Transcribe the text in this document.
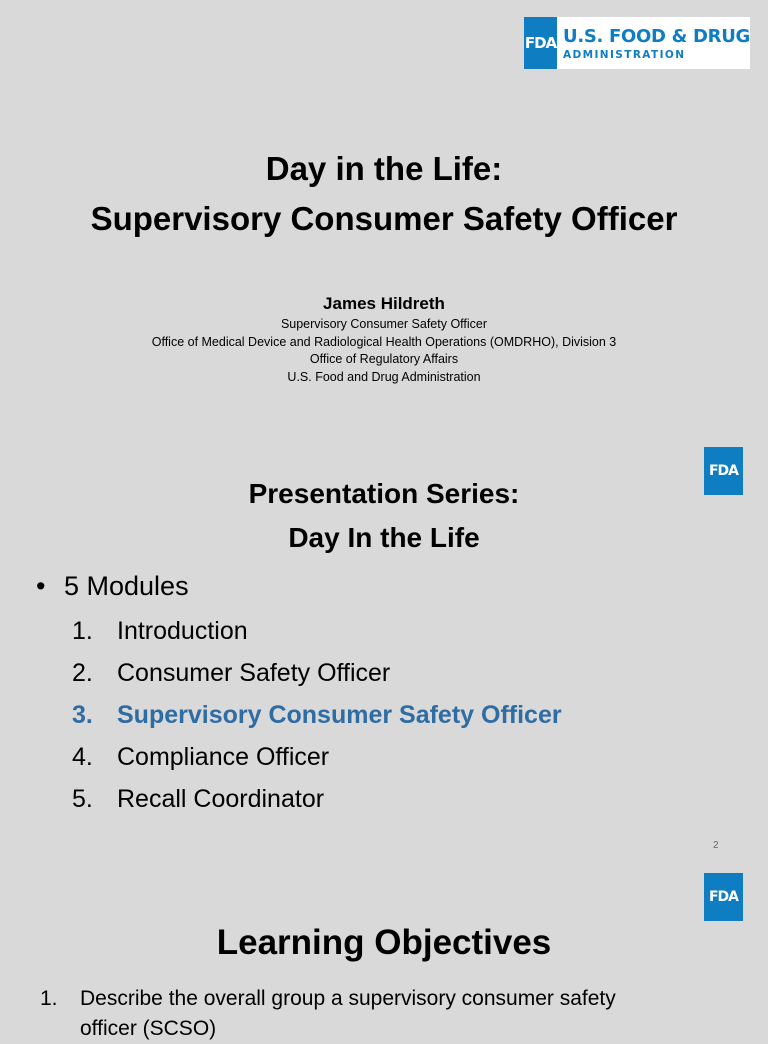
FDA U.S. FOOD & DRUG
ADMINISTRATION
Day in the Life:
Supervisory Consumer Safety Officer
James Hildreth
Supervisory Consumer Safety Officer
Office of Medical Device and Radiological Health Operations (OMDRHO), Division 3
Office of Regulatory Affairs
U.S. Food and Drug Administration
FDA
Presentation Series:
Day In the Life
• 5 Modules
1. Introduction
2. Consumer Safety Officer
3. Supervisory Consumer Safety Officer
4. Compliance Officer
5. Recall Coordinator
2
FDA
Learning Objectives
1. Describe the overall group a supervisory consumer safety
officer (SCSO)
